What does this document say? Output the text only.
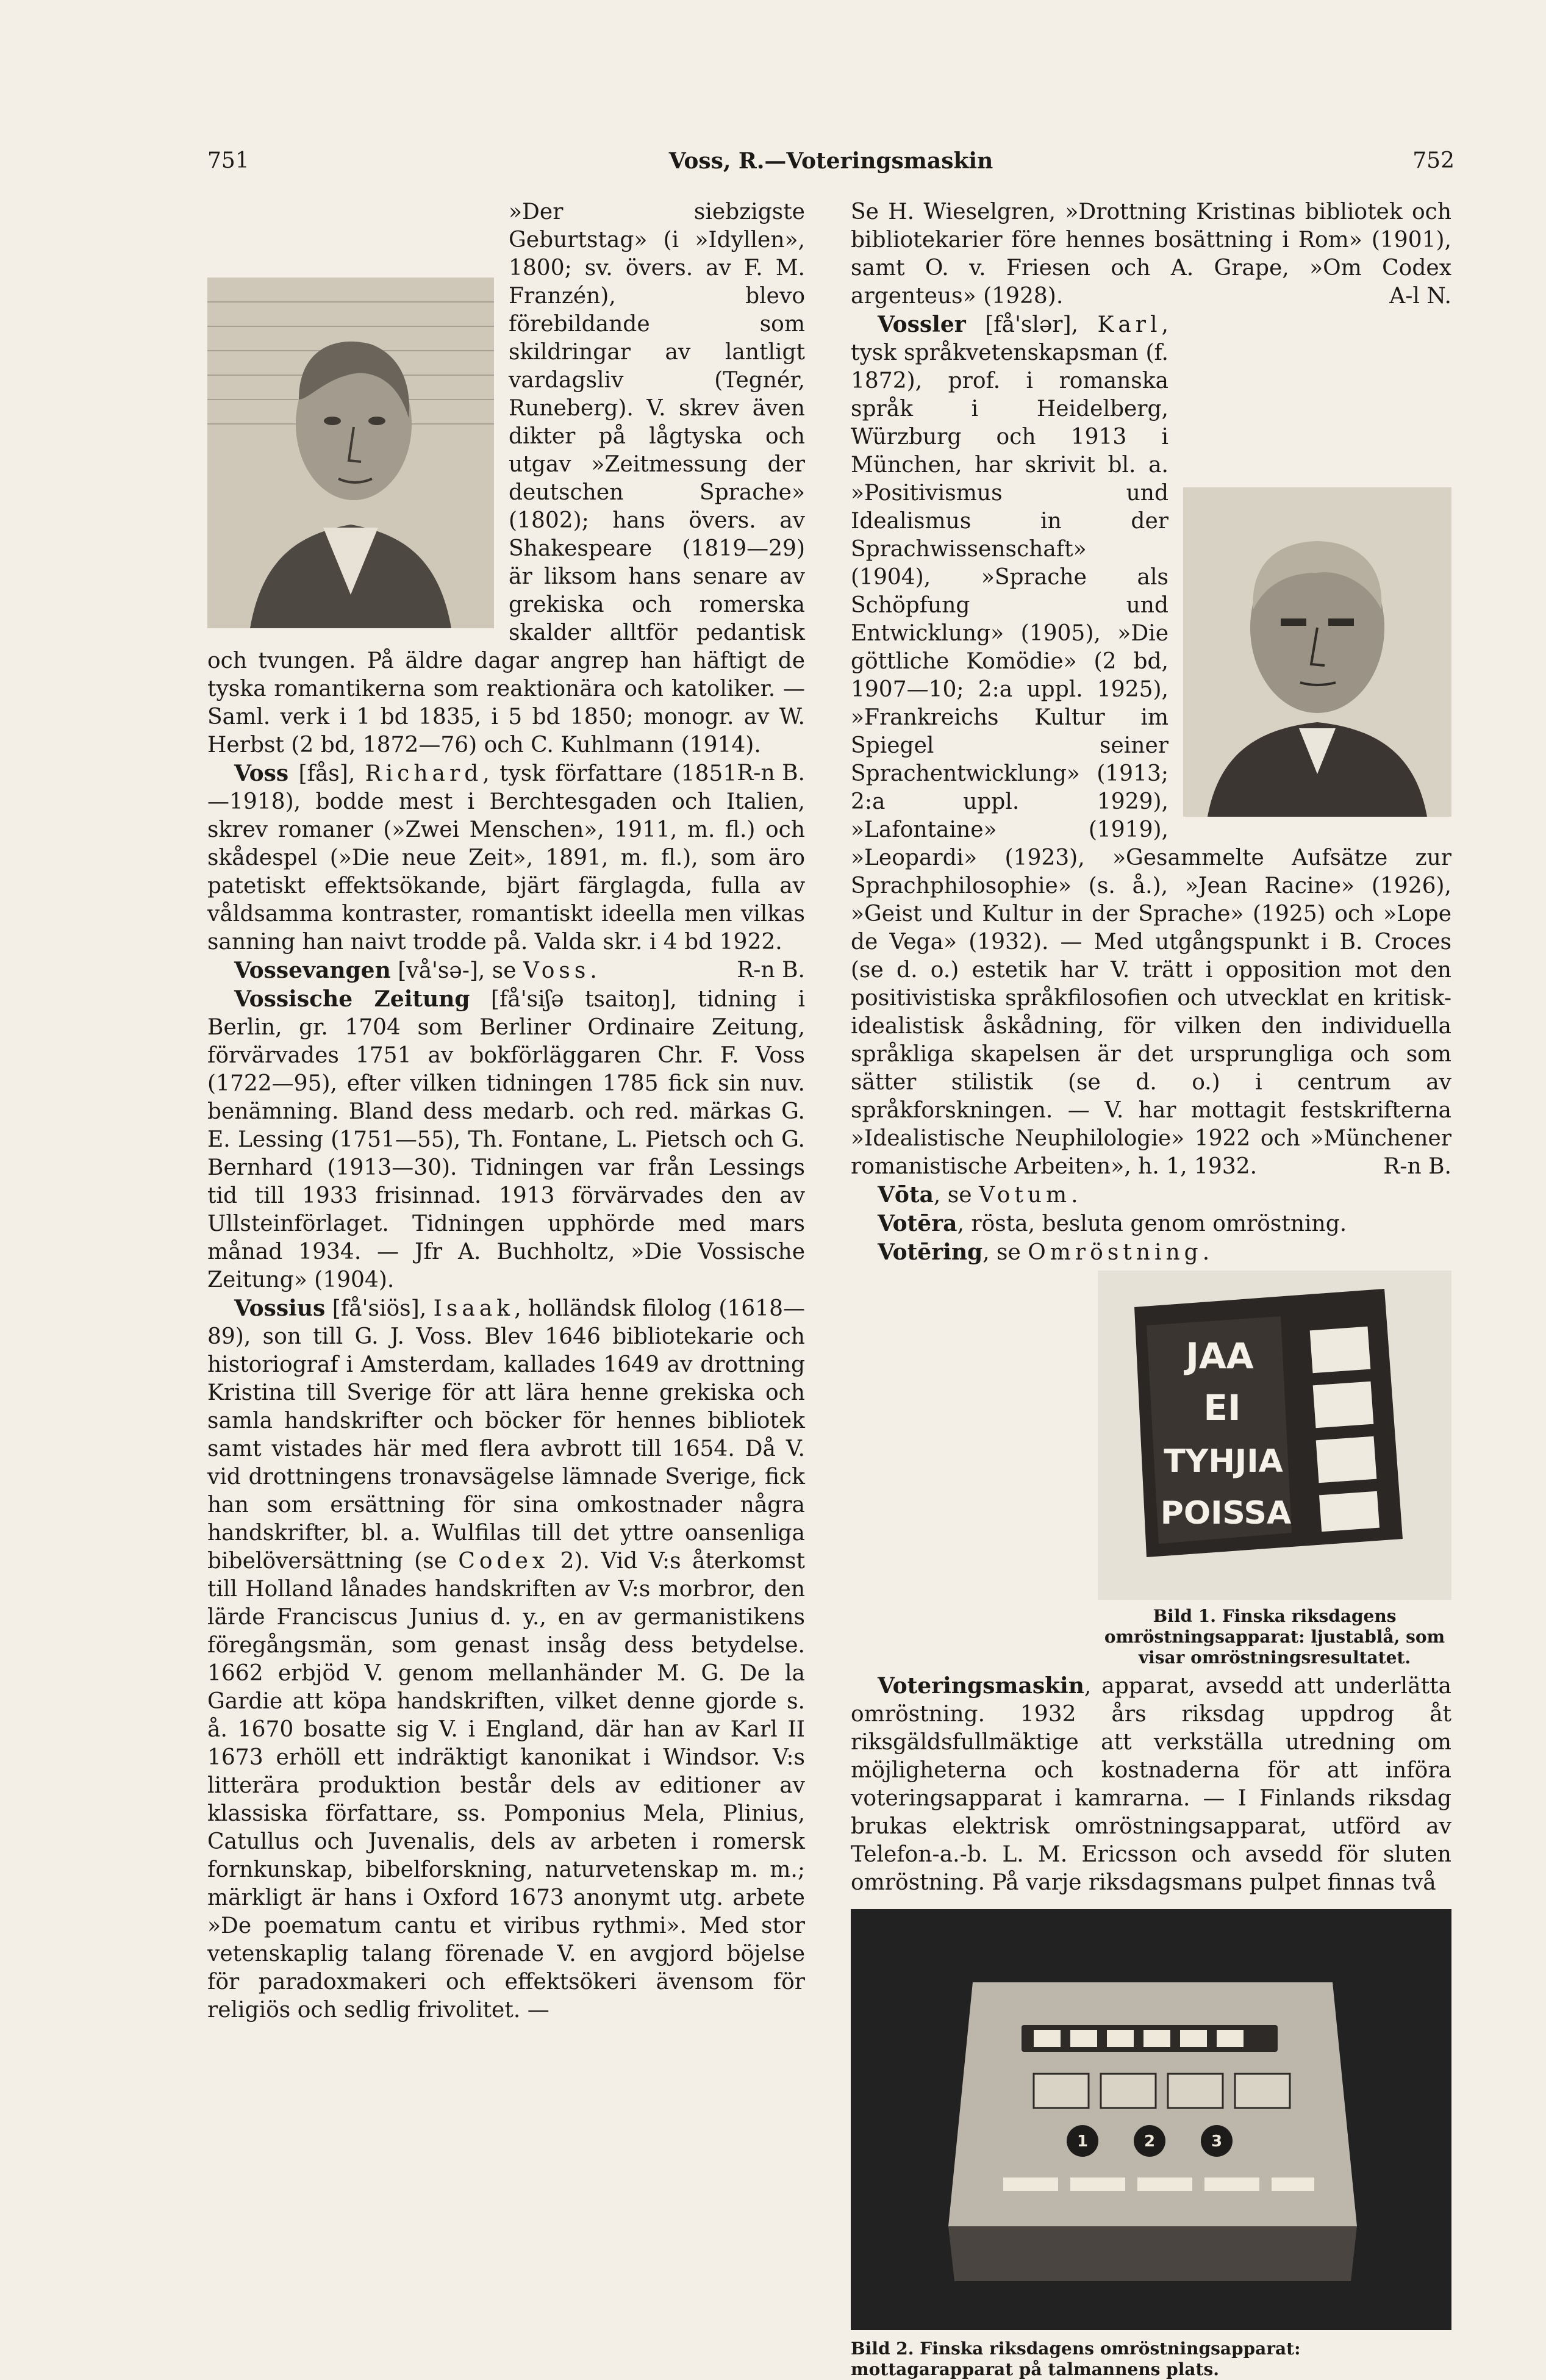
751	Voss, R.—Voteringsmaskin	752

»Der siebzigste Geburtstag» (i »Idyllen», 1800; sv. övers. av F. M. Franzén), blevo förebildande som skildringar av lantligt vardagsliv (Tegnér, Runeberg). V. skrev även dikter på lågtyska och utgav »Zeitmessung der deutschen Sprache» (1802); hans övers. av Shakespeare (1819—29) är liksom hans senare av grekiska och romerska skalder alltför pedantisk och tvungen. På äldre dagar angrep han häftigt de tyska romantikerna som reaktionära och katoliker. — Saml. verk i 1 bd 1835, i 5 bd 1850; monogr. av W. Herbst (2 bd, 1872—76) och C. Kuhlmann (1914).
R-n B.

Voss [fås], Richard, tysk författare (1851—1918), bodde mest i Berchtesgaden och Italien, skrev romaner (»Zwei Menschen», 1911, m. fl.) och skådespel (»Die neue Zeit», 1891, m. fl.), som äro patetiskt effektsökande, bjärt färglagda, fulla av våldsamma kontraster, romantiskt ideella men vilkas sanning han naivt trodde på. Valda skr. i 4 bd 1922.
R-n B.

Vossevangen [vå'sə-], se Voss.

Vossische Zeitung [få'siʃə tsaitoŋ], tidning i Berlin, gr. 1704 som Berliner Ordinaire Zeitung, förvärvades 1751 av bokförläggaren Chr. F. Voss (1722—95), efter vilken tidningen 1785 fick sin nuv. benämning. Bland dess medarb. och red. märkas G. E. Lessing (1751—55), Th. Fontane, L. Pietsch och G. Bernhard (1913—30). Tidningen var från Lessings tid till 1933 frisinnad. 1913 förvärvades den av Ullsteinförlaget. Tidningen upphörde med mars månad 1934. — Jfr A. Buchholtz, »Die Vossische Zeitung» (1904).

Vossius [få'siös], Isaak, holländsk filolog (1618—89), son till G. J. Voss. Blev 1646 bibliotekarie och historiograf i Amsterdam, kallades 1649 av drottning Kristina till Sverige för att lära henne grekiska och samla handskrifter och böcker för hennes bibliotek samt vistades här med flera avbrott till 1654. Då V. vid drottningens tronavsägelse lämnade Sverige, fick han som ersättning för sina omkostnader några handskrifter, bl. a. Wulfilas till det yttre oansenliga bibelöversättning (se Codex 2). Vid V:s återkomst till Holland lånades handskriften av V:s morbror, den lärde Franciscus Junius d. y., en av germanistikens föregångsmän, som genast insåg dess betydelse. 1662 erbjöd V. genom mellanhänder M. G. De la Gardie att köpa handskriften, vilket denne gjorde s. å. 1670 bosatte sig V. i England, där han av Karl II 1673 erhöll ett indräktigt kanonikat i Windsor. V:s litterära produktion består dels av editioner av klassiska författare, ss. Pomponius Mela, Plinius, Catullus och Juvenalis, dels av arbeten i romersk fornkunskap, bibelforskning, naturvetenskap m. m.; märkligt är hans i Oxford 1673 anonymt utg. arbete »De poematum cantu et viribus rythmi». Med stor vetenskaplig talang förenade V. en avgjord böjelse för paradoxmakeri och effektsökeri ävensom för religiös och sedlig frivolitet. —

Se H. Wieselgren, »Drottning Kristinas bibliotek och bibliotekarier före hennes bosättning i Rom» (1901), samt O. v. Friesen och A. Grape, »Om Codex argenteus» (1928).	A-l N.

Vossler [få'slər], Karl, tysk språkvetenskapsman (f. 1872), prof. i romanska språk i Heidelberg, Würzburg och 1913 i München, har skrivit bl. a. »Positivismus und Idealismus in der Sprachwissenschaft» (1904), »Sprache als Schöpfung und Entwicklung» (1905), »Die göttliche Komödie» (2 bd, 1907—10; 2:a uppl. 1925), »Frankreichs Kultur im Spiegel seiner Sprachentwicklung» (1913; 2:a uppl. 1929), »Lafontaine» (1919), »Leopardi» (1923), »Gesammelte Aufsätze zur Sprachphilosophie» (s. å.), »Jean Racine» (1926), »Geist und Kultur in der Sprache» (1925) och »Lope de Vega» (1932). — Med utgångspunkt i B. Croces (se d. o.) estetik har V. trätt i opposition mot den positivistiska språkfilosofien och utvecklat en kritisk-idealistisk åskådning, för vilken den individuella språkliga skapelsen är det ursprungliga och som sätter stilistik (se d. o.) i centrum av språkforskningen. — V. har mottagit festskrifterna »Idealistische Neuphilologie» 1922 och »Münchener romanistische Arbeiten», h. 1, 1932.	R-n B.

Vōta, se Votum.

Votēra, rösta, besluta genom omröstning.

Votēring, se Omröstning.

JAA
EI
TYHJIA
POISSA
Bild 1. Finska riksdagens omröstningsapparat: ljustablå, som visar omröstningsresultatet.

Voteringsmaskin, apparat, avsedd att underlätta omröstning. 1932 års riksdag uppdrog åt riksgäldsfullmäktige att verkställa utredning om möjligheterna och kostnaderna för att införa voteringsapparat i kamrarna. — I Finlands riksdag brukas elektrisk omröstningsapparat, utförd av Telefon-a.-b. L. M. Ericsson och avsedd för sluten omröstning. På varje riksdagsmans pulpet finnas två

1	2	3
Bild 2. Finska riksdagens omröstningsapparat: mottagarapparat på talmannens plats.
